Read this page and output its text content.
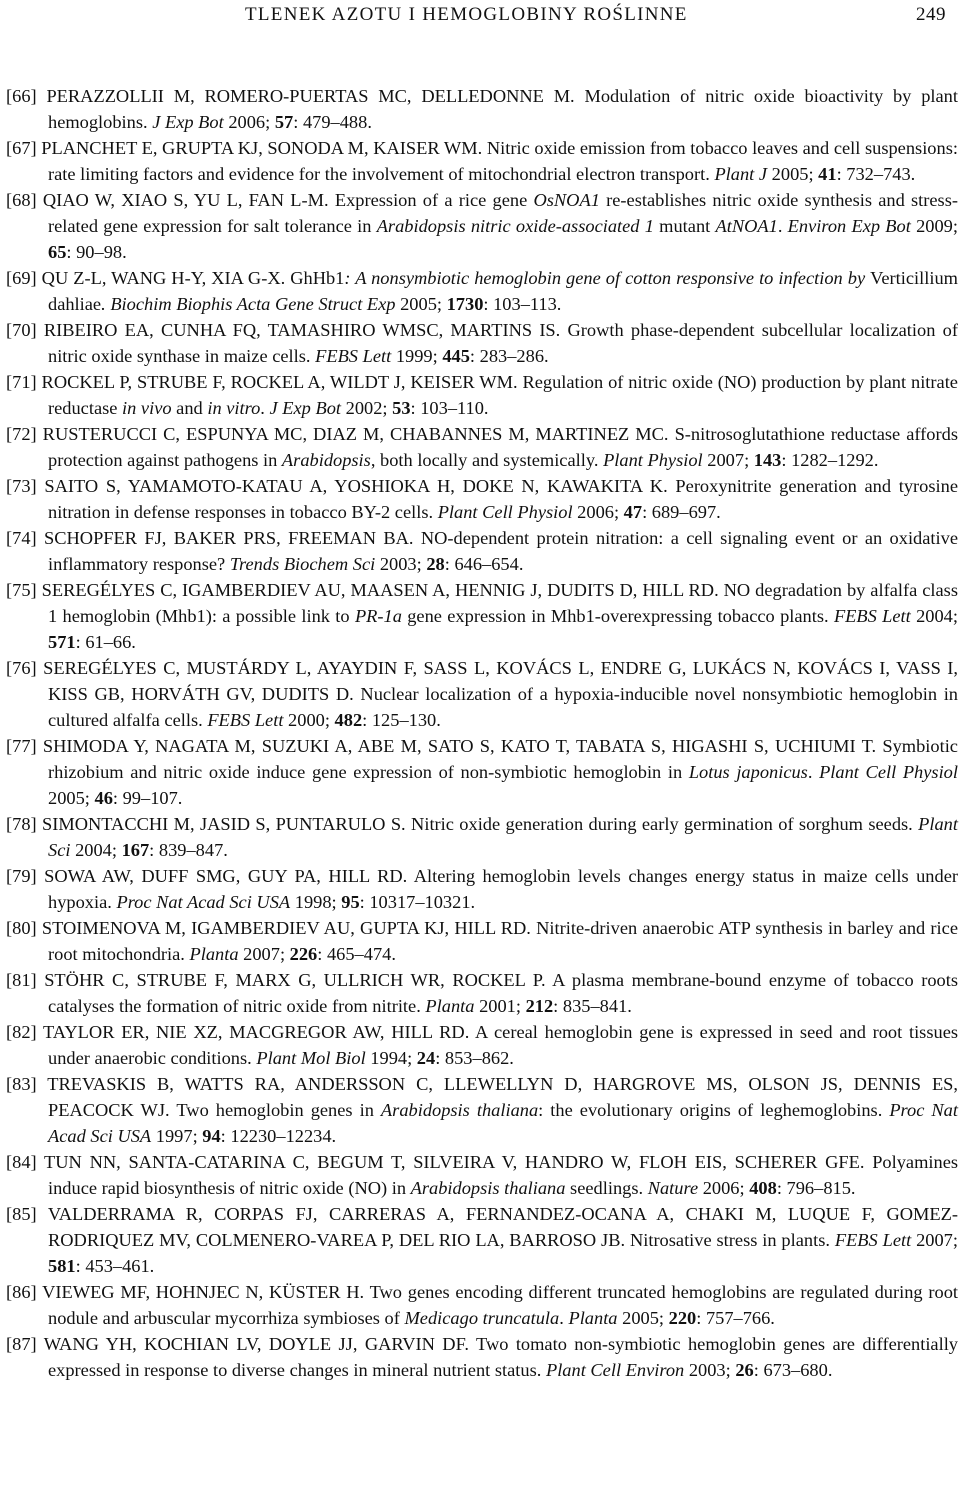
TLENEK AZOTU I HEMOGLOBINY ROŚLINNE	249
[66] PERAZZOLLII M, ROMERO-PUERTAS MC, DELLEDONNE M. Modulation of nitric oxide bioactivity by plant hemoglobins. J Exp Bot 2006; 57: 479–488.
[67] PLANCHET E, GRUPTA KJ, SONODA M, KAISER WM. Nitric oxide emission from tobacco leaves and cell suspensions: rate limiting factors and evidence for the involvement of mitochondrial electron transport. Plant J 2005; 41: 732–743.
[68] QIAO W, XIAO S, YU L, FAN L-M. Expression of a rice gene OsNOA1 re-establishes nitric oxide synthesis and stress-related gene expression for salt tolerance in Arabidopsis nitric oxide-associated 1 mutant AtNOA1. Environ Exp Bot 2009; 65: 90–98.
[69] QU Z-L, WANG H-Y, XIA G-X. GhHb1: A nonsymbiotic hemoglobin gene of cotton responsive to infection by Verticillium dahliae. Biochim Biophis Acta Gene Struct Exp 2005; 1730: 103–113.
[70] RIBEIRO EA, CUNHA FQ, TAMASHIRO WMSC, MARTINS IS. Growth phase-dependent subcellular localization of nitric oxide synthase in maize cells. FEBS Lett 1999; 445: 283–286.
[71] ROCKEL P, STRUBE F, ROCKEL A, WILDT J, KEISER WM. Regulation of nitric oxide (NO) production by plant nitrate reductase in vivo and in vitro. J Exp Bot 2002; 53: 103–110.
[72] RUSTERUCCI C, ESPUNYA MC, DIAZ M, CHABANNES M, MARTINEZ MC. S-nitrosoglutathione reductase affords protection against pathogens in Arabidopsis, both locally and systemically. Plant Physiol 2007; 143: 1282–1292.
[73] SAITO S, YAMAMOTO-KATAU A, YOSHIOKA H, DOKE N, KAWAKITA K. Peroxynitrite generation and tyrosine nitration in defense responses in tobacco BY-2 cells. Plant Cell Physiol 2006; 47: 689–697.
[74] SCHOPFER FJ, BAKER PRS, FREEMAN BA. NO-dependent protein nitration: a cell signaling event or an oxidative inflammatory response? Trends Biochem Sci 2003; 28: 646–654.
[75] SEREGÉLYES C, IGAMBERDIEV AU, MAASEN A, HENNIG J, DUDITS D, HILL RD. NO degradation by alfalfa class 1 hemoglobin (Mhb1): a possible link to PR-1a gene expression in Mhb1-overexpressing tobacco plants. FEBS Lett 2004; 571: 61–66.
[76] SEREGÉLYES C, MUSTÁRDY L, AYAYDIN F, SASS L, KOVÁCS L, ENDRE G, LUKÁCS N, KOVÁCS I, VASS I, KISS GB, HORVÁTH GV, DUDITS D. Nuclear localization of a hypoxia-inducible novel nonsymbiotic hemoglobin in cultured alfalfa cells. FEBS Lett 2000; 482: 125–130.
[77] SHIMODA Y, NAGATA M, SUZUKI A, ABE M, SATO S, KATO T, TABATA S, HIGASHI S, UCHIUMI T. Symbiotic rhizobium and nitric oxide induce gene expression of non-symbiotic hemoglobin in Lotus japonicus. Plant Cell Physiol 2005; 46: 99–107.
[78] SIMONTACCHI M, JASID S, PUNTARULO S. Nitric oxide generation during early germination of sorghum seeds. Plant Sci 2004; 167: 839–847.
[79] SOWA AW, DUFF SMG, GUY PA, HILL RD. Altering hemoglobin levels changes energy status in maize cells under hypoxia. Proc Nat Acad Sci USA 1998; 95: 10317–10321.
[80] STOIMENOVA M, IGAMBERDIEV AU, GUPTA KJ, HILL RD. Nitrite-driven anaerobic ATP synthesis in barley and rice root mitochondria. Planta 2007; 226: 465–474.
[81] STÖHR C, STRUBE F, MARX G, ULLRICH WR, ROCKEL P. A plasma membrane-bound enzyme of tobacco roots catalyses the formation of nitric oxide from nitrite. Planta 2001; 212: 835–841.
[82] TAYLOR ER, NIE XZ, MACGREGOR AW, HILL RD. A cereal hemoglobin gene is expressed in seed and root tissues under anaerobic conditions. Plant Mol Biol 1994; 24: 853–862.
[83] TREVASKIS B, WATTS RA, ANDERSSON C, LLEWELLYN D, HARGROVE MS, OLSON JS, DENNIS ES, PEACOCK WJ. Two hemoglobin genes in Arabidopsis thaliana: the evolutionary origins of leghemoglobins. Proc Nat Acad Sci USA 1997; 94: 12230–12234.
[84] TUN NN, SANTA-CATARINA C, BEGUM T, SILVEIRA V, HANDRO W, FLOH EIS, SCHERER GFE. Polyamines induce rapid biosynthesis of nitric oxide (NO) in Arabidopsis thaliana seedlings. Nature 2006; 408: 796–815.
[85] VALDERRAMA R, CORPAS FJ, CARRERAS A, FERNANDEZ-OCANA A, CHAKI M, LUQUE F, GOMEZ-RODRIQUEZ MV, COLMENERO-VAREA P, DEL RIO LA, BARROSO JB. Nitrosative stress in plants. FEBS Lett 2007; 581: 453–461.
[86] VIEWEG MF, HOHNJEC N, KÜSTER H. Two genes encoding different truncated hemoglobins are regulated during root nodule and arbuscular mycorrhiza symbioses of Medicago truncatula. Planta 2005; 220: 757–766.
[87] WANG YH, KOCHIAN LV, DOYLE JJ, GARVIN DF. Two tomato non-symbiotic hemoglobin genes are differentially expressed in response to diverse changes in mineral nutrient status. Plant Cell Environ 2003; 26: 673–680.
